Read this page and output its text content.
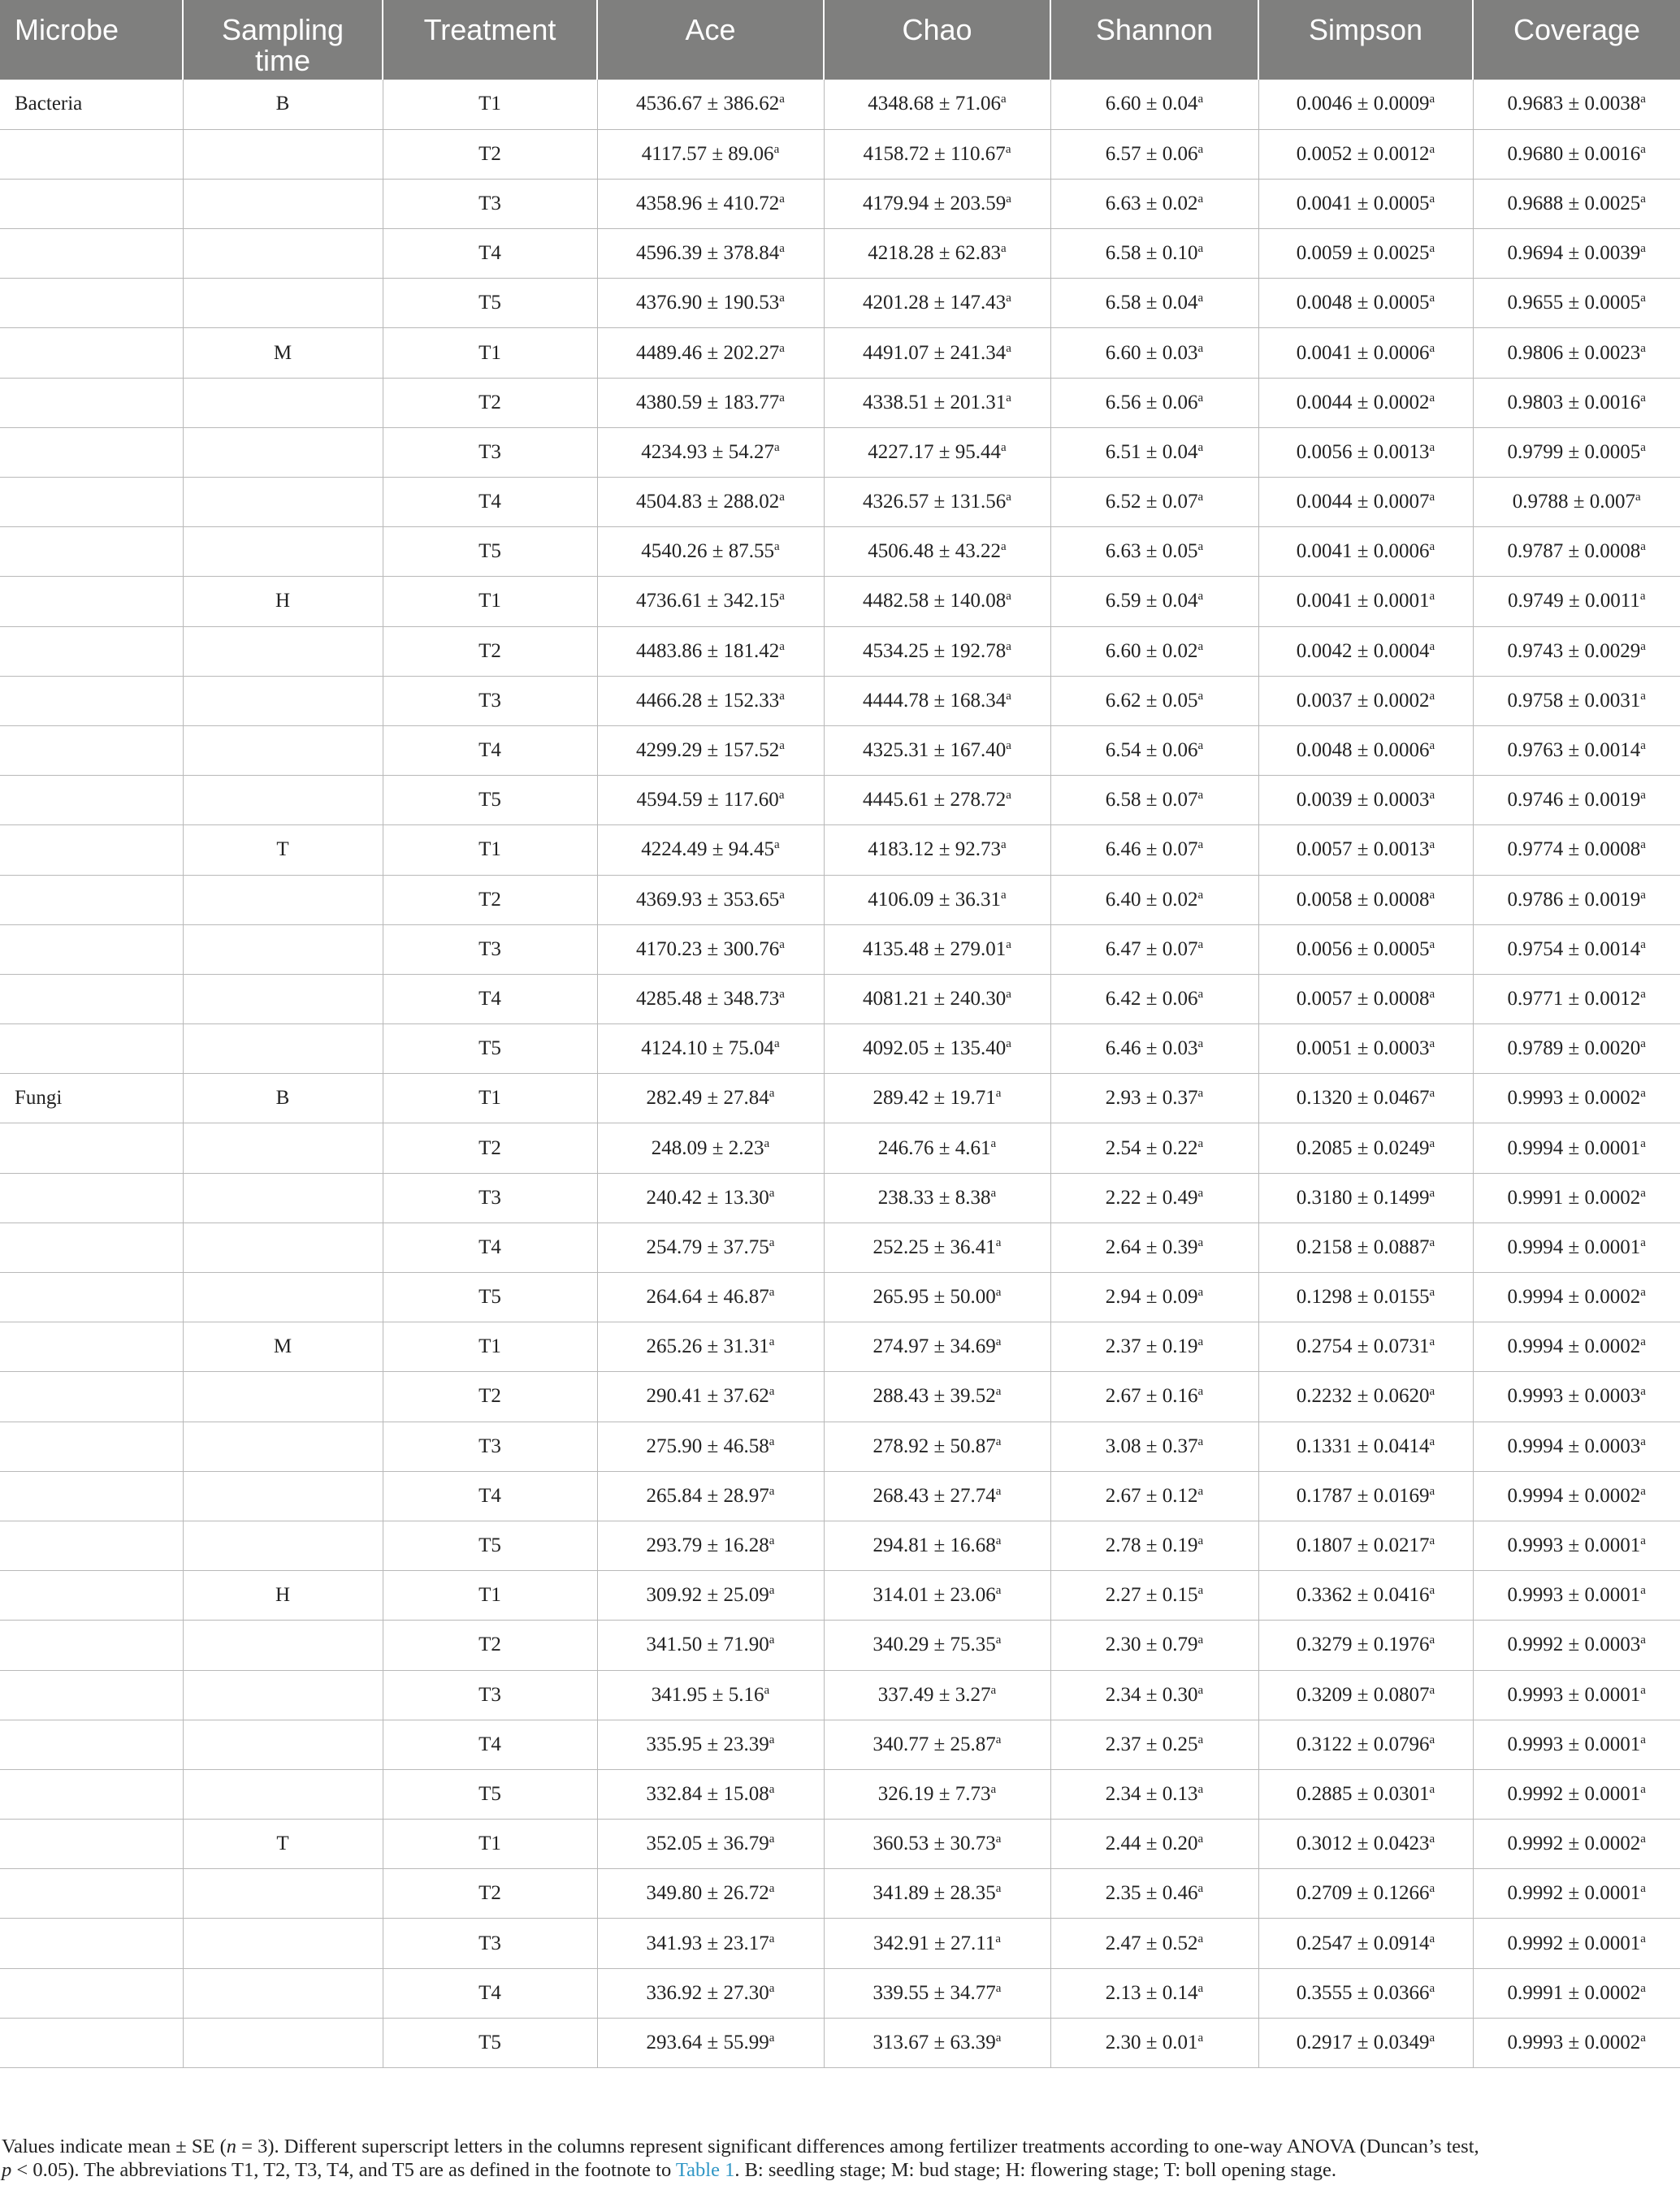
Microbe	Sampling time	Treatment	Ace	Chao	Shannon	Simpson	Coverage
Bacteria	B	T1	4536.67 ± 386.62$^a$	4348.68 ± 71.06$^a$	6.60 ± 0.04$^a$	0.0046 ± 0.0009$^a$	0.9683 ± 0.0038$^a$
		T2	4117.57 ± 89.06$^a$	4158.72 ± 110.67$^a$	6.57 ± 0.06$^a$	0.0052 ± 0.0012$^a$	0.9680 ± 0.0016$^a$
		T3	4358.96 ± 410.72$^a$	4179.94 ± 203.59$^a$	6.63 ± 0.02$^a$	0.0041 ± 0.0005$^a$	0.9688 ± 0.0025$^a$
		T4	4596.39 ± 378.84$^a$	4218.28 ± 62.83$^a$	6.58 ± 0.10$^a$	0.0059 ± 0.0025$^a$	0.9694 ± 0.0039$^a$
		T5	4376.90 ± 190.53$^a$	4201.28 ± 147.43$^a$	6.58 ± 0.04$^a$	0.0048 ± 0.0005$^a$	0.9655 ± 0.0005$^a$
	M	T1	4489.46 ± 202.27$^a$	4491.07 ± 241.34$^a$	6.60 ± 0.03$^a$	0.0041 ± 0.0006$^a$	0.9806 ± 0.0023$^a$
		T2	4380.59 ± 183.77$^a$	4338.51 ± 201.31$^a$	6.56 ± 0.06$^a$	0.0044 ± 0.0002$^a$	0.9803 ± 0.0016$^a$
		T3	4234.93 ± 54.27$^a$	4227.17 ± 95.44$^a$	6.51 ± 0.04$^a$	0.0056 ± 0.0013$^a$	0.9799 ± 0.0005$^a$
		T4	4504.83 ± 288.02$^a$	4326.57 ± 131.56$^a$	6.52 ± 0.07$^a$	0.0044 ± 0.0007$^a$	0.9788 ± 0.007$^a$
		T5	4540.26 ± 87.55$^a$	4506.48 ± 43.22$^a$	6.63 ± 0.05$^a$	0.0041 ± 0.0006$^a$	0.9787 ± 0.0008$^a$
	H	T1	4736.61 ± 342.15$^a$	4482.58 ± 140.08$^a$	6.59 ± 0.04$^a$	0.0041 ± 0.0001$^a$	0.9749 ± 0.0011$^a$
		T2	4483.86 ± 181.42$^a$	4534.25 ± 192.78$^a$	6.60 ± 0.02$^a$	0.0042 ± 0.0004$^a$	0.9743 ± 0.0029$^a$
		T3	4466.28 ± 152.33$^a$	4444.78 ± 168.34$^a$	6.62 ± 0.05$^a$	0.0037 ± 0.0002$^a$	0.9758 ± 0.0031$^a$
		T4	4299.29 ± 157.52$^a$	4325.31 ± 167.40$^a$	6.54 ± 0.06$^a$	0.0048 ± 0.0006$^a$	0.9763 ± 0.0014$^a$
		T5	4594.59 ± 117.60$^a$	4445.61 ± 278.72$^a$	6.58 ± 0.07$^a$	0.0039 ± 0.0003$^a$	0.9746 ± 0.0019$^a$
	T	T1	4224.49 ± 94.45$^a$	4183.12 ± 92.73$^a$	6.46 ± 0.07$^a$	0.0057 ± 0.0013$^a$	0.9774 ± 0.0008$^a$
		T2	4369.93 ± 353.65$^a$	4106.09 ± 36.31$^a$	6.40 ± 0.02$^a$	0.0058 ± 0.0008$^a$	0.9786 ± 0.0019$^a$
		T3	4170.23 ± 300.76$^a$	4135.48 ± 279.01$^a$	6.47 ± 0.07$^a$	0.0056 ± 0.0005$^a$	0.9754 ± 0.0014$^a$
		T4	4285.48 ± 348.73$^a$	4081.21 ± 240.30$^a$	6.42 ± 0.06$^a$	0.0057 ± 0.0008$^a$	0.9771 ± 0.0012$^a$
		T5	4124.10 ± 75.04$^a$	4092.05 ± 135.40$^a$	6.46 ± 0.03$^a$	0.0051 ± 0.0003$^a$	0.9789 ± 0.0020$^a$
Fungi	B	T1	282.49 ± 27.84$^a$	289.42 ± 19.71$^a$	2.93 ± 0.37$^a$	0.1320 ± 0.0467$^a$	0.9993 ± 0.0002$^a$
		T2	248.09 ± 2.23$^a$	246.76 ± 4.61$^a$	2.54 ± 0.22$^a$	0.2085 ± 0.0249$^a$	0.9994 ± 0.0001$^a$
		T3	240.42 ± 13.30$^a$	238.33 ± 8.38$^a$	2.22 ± 0.49$^a$	0.3180 ± 0.1499$^a$	0.9991 ± 0.0002$^a$
		T4	254.79 ± 37.75$^a$	252.25 ± 36.41$^a$	2.64 ± 0.39$^a$	0.2158 ± 0.0887$^a$	0.9994 ± 0.0001$^a$
		T5	264.64 ± 46.87$^a$	265.95 ± 50.00$^a$	2.94 ± 0.09$^a$	0.1298 ± 0.0155$^a$	0.9994 ± 0.0002$^a$
	M	T1	265.26 ± 31.31$^a$	274.97 ± 34.69$^a$	2.37 ± 0.19$^a$	0.2754 ± 0.0731$^a$	0.9994 ± 0.0002$^a$
		T2	290.41 ± 37.62$^a$	288.43 ± 39.52$^a$	2.67 ± 0.16$^a$	0.2232 ± 0.0620$^a$	0.9993 ± 0.0003$^a$
		T3	275.90 ± 46.58$^a$	278.92 ± 50.87$^a$	3.08 ± 0.37$^a$	0.1331 ± 0.0414$^a$	0.9994 ± 0.0003$^a$
		T4	265.84 ± 28.97$^a$	268.43 ± 27.74$^a$	2.67 ± 0.12$^a$	0.1787 ± 0.0169$^a$	0.9994 ± 0.0002$^a$
		T5	293.79 ± 16.28$^a$	294.81 ± 16.68$^a$	2.78 ± 0.19$^a$	0.1807 ± 0.0217$^a$	0.9993 ± 0.0001$^a$
	H	T1	309.92 ± 25.09$^a$	314.01 ± 23.06$^a$	2.27 ± 0.15$^a$	0.3362 ± 0.0416$^a$	0.9993 ± 0.0001$^a$
		T2	341.50 ± 71.90$^a$	340.29 ± 75.35$^a$	2.30 ± 0.79$^a$	0.3279 ± 0.1976$^a$	0.9992 ± 0.0003$^a$
		T3	341.95 ± 5.16$^a$	337.49 ± 3.27$^a$	2.34 ± 0.30$^a$	0.3209 ± 0.0807$^a$	0.9993 ± 0.0001$^a$
		T4	335.95 ± 23.39$^a$	340.77 ± 25.87$^a$	2.37 ± 0.25$^a$	0.3122 ± 0.0796$^a$	0.9993 ± 0.0001$^a$
		T5	332.84 ± 15.08$^a$	326.19 ± 7.73$^a$	2.34 ± 0.13$^a$	0.2885 ± 0.0301$^a$	0.9992 ± 0.0001$^a$
	T	T1	352.05 ± 36.79$^a$	360.53 ± 30.73$^a$	2.44 ± 0.20$^a$	0.3012 ± 0.0423$^a$	0.9992 ± 0.0002$^a$
		T2	349.80 ± 26.72$^a$	341.89 ± 28.35$^a$	2.35 ± 0.46$^a$	0.2709 ± 0.1266$^a$	0.9992 ± 0.0001$^a$
		T3	341.93 ± 23.17$^a$	342.91 ± 27.11$^a$	2.47 ± 0.52$^a$	0.2547 ± 0.0914$^a$	0.9992 ± 0.0001$^a$
		T4	336.92 ± 27.30$^a$	339.55 ± 34.77$^a$	2.13 ± 0.14$^a$	0.3555 ± 0.0366$^a$	0.9991 ± 0.0002$^a$
		T5	293.64 ± 55.99$^a$	313.67 ± 63.39$^a$	2.30 ± 0.01$^a$	0.2917 ± 0.0349$^a$	0.9993 ± 0.0002$^a$

Values indicate mean ± SE (n = 3). Different superscript letters in the columns represent significant differences among fertilizer treatments according to one-way ANOVA (Duncan’s test,
p < 0.05). The abbreviations T1, T2, T3, T4, and T5 are as defined in the footnote to Table 1. B: seedling stage; M: bud stage; H: flowering stage; T: boll opening stage.
